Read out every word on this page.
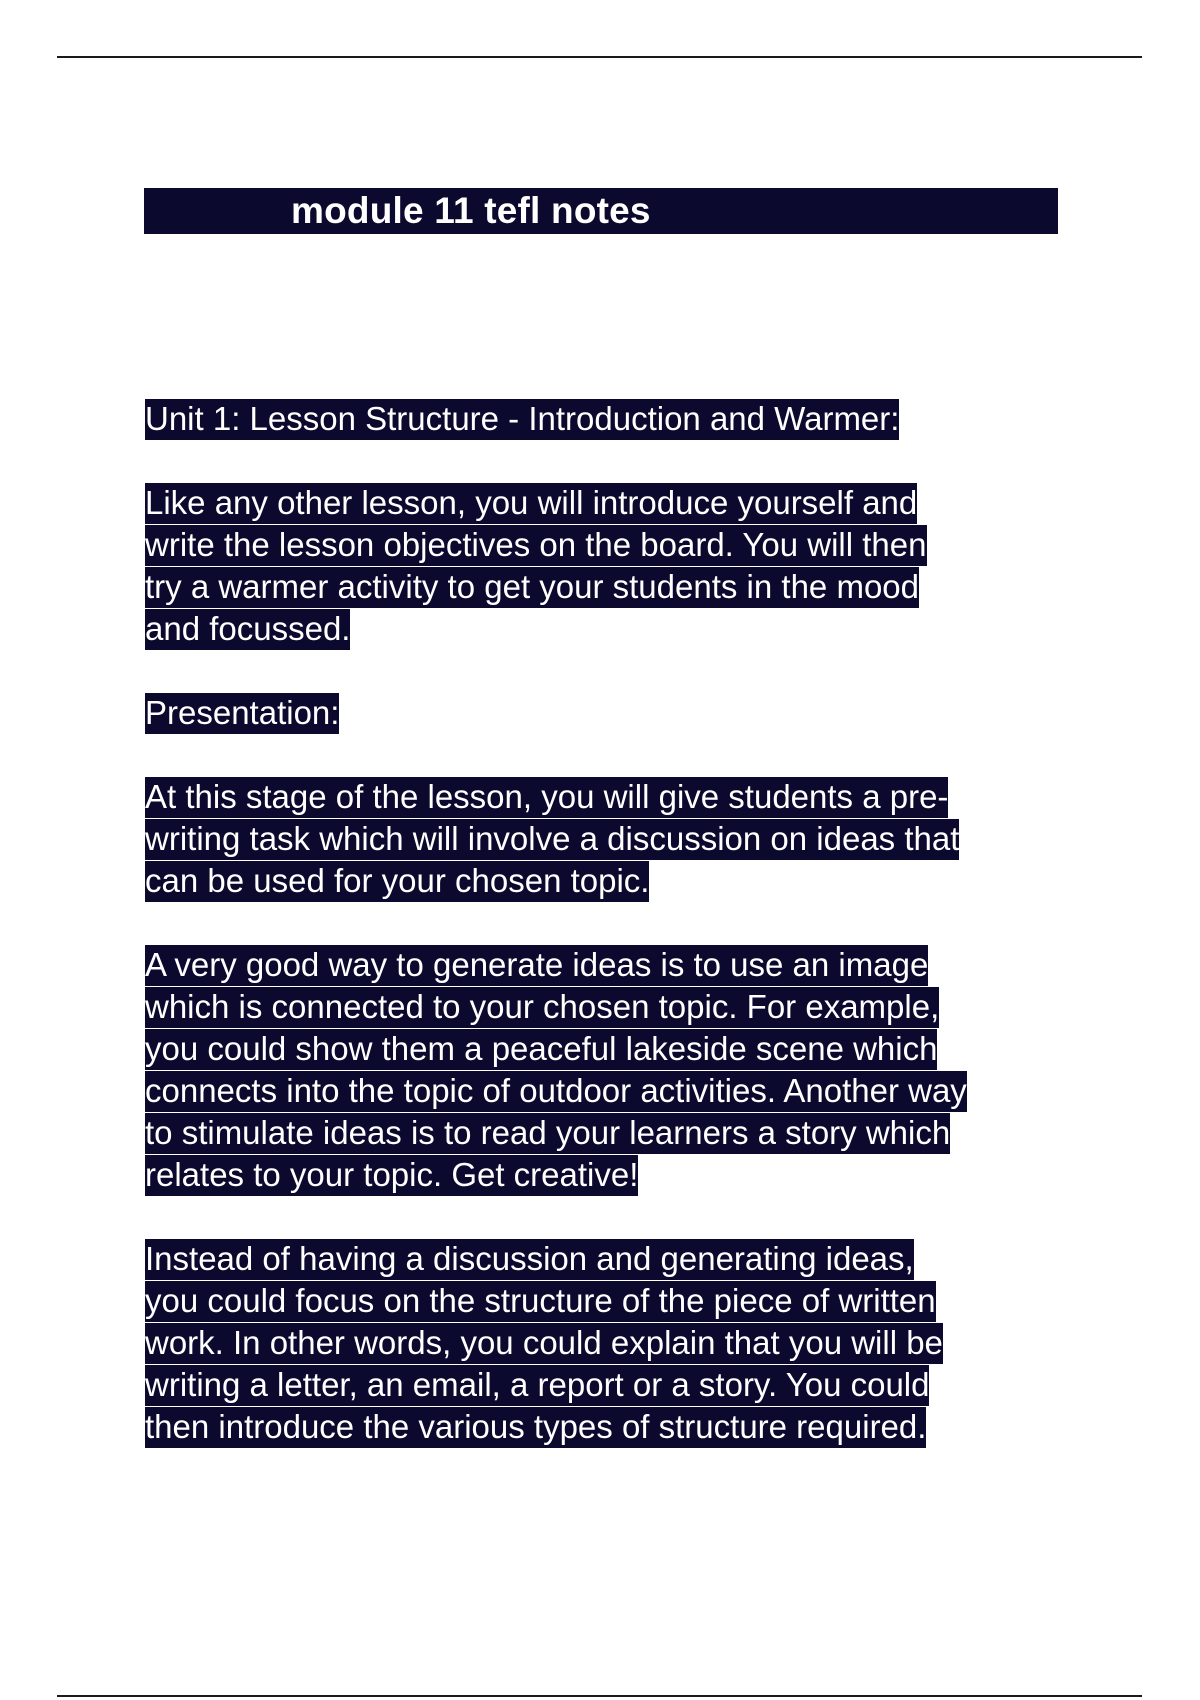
module 11 tefl notes
Unit 1: Lesson Structure - Introduction and Warmer:
Like any other lesson, you will introduce yourself and
write the lesson objectives on the board. You will then
try a warmer activity to get your students in the mood
and focussed.
Presentation:
At this stage of the lesson, you will give students a pre-
writing task which will involve a discussion on ideas that
can be used for your chosen topic.
A very good way to generate ideas is to use an image
which is connected to your chosen topic. For example,
you could show them a peaceful lakeside scene which
connects into the topic of outdoor activities. Another way
to stimulate ideas is to read your learners a story which
relates to your topic. Get creative!
Instead of having a discussion and generating ideas,
you could focus on the structure of the piece of written
work. In other words, you could explain that you will be
writing a letter, an email, a report or a story. You could
then introduce the various types of structure required.
